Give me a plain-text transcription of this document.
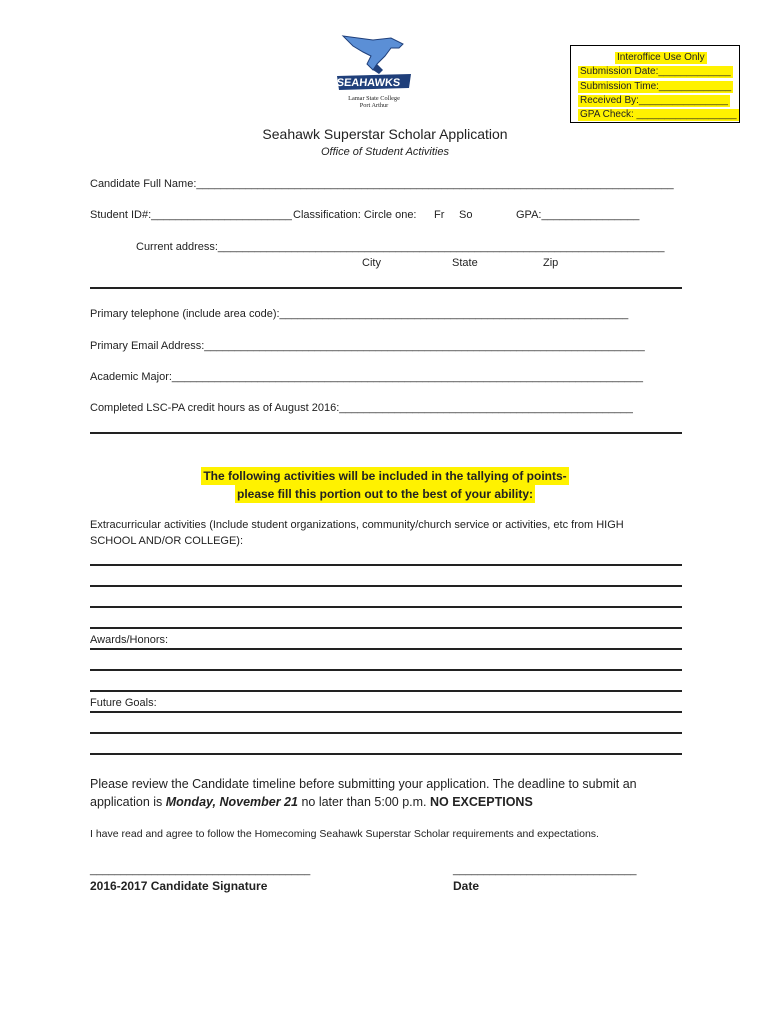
SEAHAWKS
Lamar State College
Port Arthur
Interoffice Use Only
Submission Date:_____________
Submission Time:_____________
Received By:________________
GPA Check: __________________
Seahawk Superstar Scholar Application
Office of Student Activities
Candidate Full Name:______________________________________________________________________________
Student ID#:_______________________ Classification: Circle one: Fr So	GPA:________________
Current address:_________________________________________________________________________
City	State	Zip
Primary telephone (include area code):_________________________________________________________
Primary Email Address:________________________________________________________________________
Academic Major:_____________________________________________________________________________
Completed LSC-PA credit hours as of August 2016:________________________________________________
The following activities will be included in the tallying of points-
please fill this portion out to the best of your ability:
Extracurricular activities (Include student organizations, community/church service or activities, etc from HIGH
SCHOOL AND/OR COLLEGE):
Awards/Honors:
Future Goals:
Please review the Candidate timeline before submitting your application. The deadline to submit an
application is Monday, November 21 no later than 5:00 p.m. NO EXCEPTIONS
I have read and agree to follow the Homecoming Seahawk Superstar Scholar requirements and expectations.
____________________________________
2016-2017 Candidate Signature
______________________________
Date
